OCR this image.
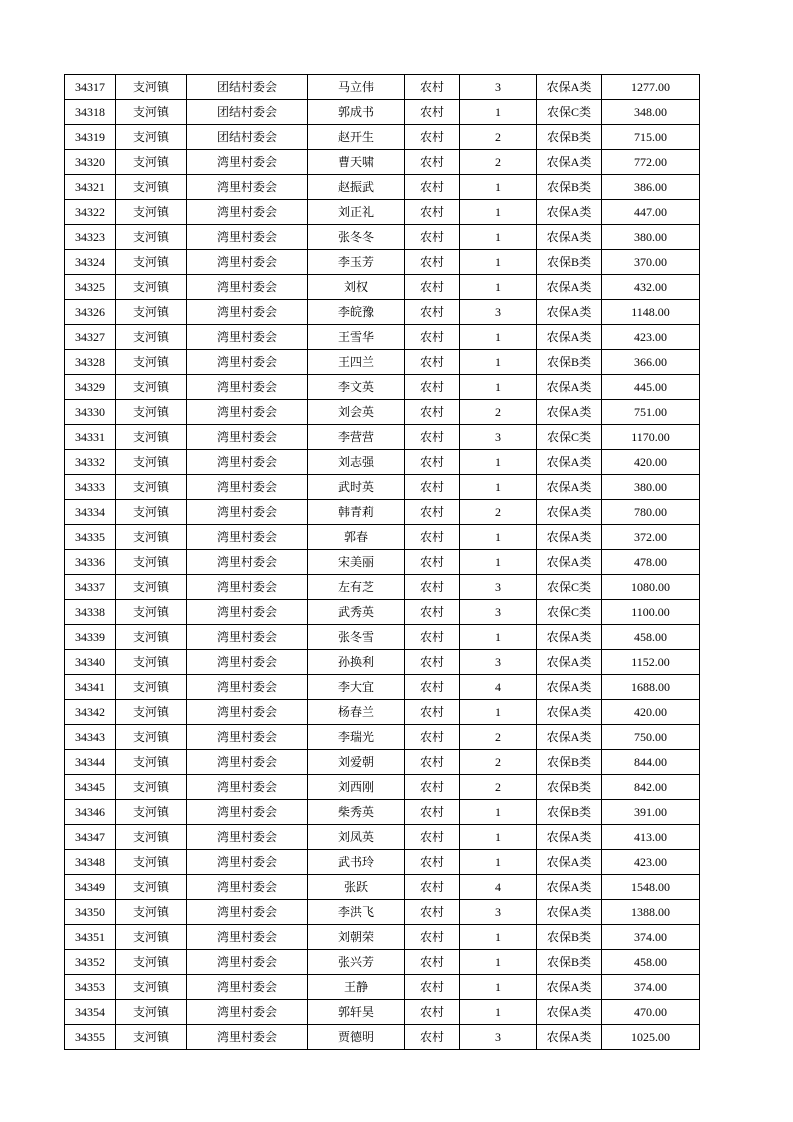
34317	支河镇	团结村委会	马立伟	农村	3	农保A类	1277.00
34318	支河镇	团结村委会	郭成书	农村	1	农保C类	348.00
34319	支河镇	团结村委会	赵开生	农村	2	农保B类	715.00
34320	支河镇	湾里村委会	曹天啸	农村	2	农保A类	772.00
34321	支河镇	湾里村委会	赵振武	农村	1	农保B类	386.00
34322	支河镇	湾里村委会	刘正礼	农村	1	农保A类	447.00
34323	支河镇	湾里村委会	张冬冬	农村	1	农保A类	380.00
34324	支河镇	湾里村委会	李玉芳	农村	1	农保B类	370.00
34325	支河镇	湾里村委会	刘权	农村	1	农保A类	432.00
34326	支河镇	湾里村委会	李皖豫	农村	3	农保A类	1148.00
34327	支河镇	湾里村委会	王雪华	农村	1	农保A类	423.00
34328	支河镇	湾里村委会	王四兰	农村	1	农保B类	366.00
34329	支河镇	湾里村委会	李文英	农村	1	农保A类	445.00
34330	支河镇	湾里村委会	刘会英	农村	2	农保A类	751.00
34331	支河镇	湾里村委会	李营营	农村	3	农保C类	1170.00
34332	支河镇	湾里村委会	刘志强	农村	1	农保A类	420.00
34333	支河镇	湾里村委会	武时英	农村	1	农保A类	380.00
34334	支河镇	湾里村委会	韩青莉	农村	2	农保A类	780.00
34335	支河镇	湾里村委会	郭春	农村	1	农保A类	372.00
34336	支河镇	湾里村委会	宋美丽	农村	1	农保A类	478.00
34337	支河镇	湾里村委会	左有芝	农村	3	农保C类	1080.00
34338	支河镇	湾里村委会	武秀英	农村	3	农保C类	1100.00
34339	支河镇	湾里村委会	张冬雪	农村	1	农保A类	458.00
34340	支河镇	湾里村委会	孙换利	农村	3	农保A类	1152.00
34341	支河镇	湾里村委会	李大宜	农村	4	农保A类	1688.00
34342	支河镇	湾里村委会	杨春兰	农村	1	农保A类	420.00
34343	支河镇	湾里村委会	李瑞光	农村	2	农保A类	750.00
34344	支河镇	湾里村委会	刘爱朝	农村	2	农保B类	844.00
34345	支河镇	湾里村委会	刘西刚	农村	2	农保B类	842.00
34346	支河镇	湾里村委会	柴秀英	农村	1	农保B类	391.00
34347	支河镇	湾里村委会	刘凤英	农村	1	农保A类	413.00
34348	支河镇	湾里村委会	武书玲	农村	1	农保A类	423.00
34349	支河镇	湾里村委会	张跃	农村	4	农保A类	1548.00
34350	支河镇	湾里村委会	李洪飞	农村	3	农保A类	1388.00
34351	支河镇	湾里村委会	刘朝荣	农村	1	农保B类	374.00
34352	支河镇	湾里村委会	张兴芳	农村	1	农保B类	458.00
34353	支河镇	湾里村委会	王静	农村	1	农保A类	374.00
34354	支河镇	湾里村委会	郭轩昊	农村	1	农保A类	470.00
34355	支河镇	湾里村委会	贾德明	农村	3	农保A类	1025.00
